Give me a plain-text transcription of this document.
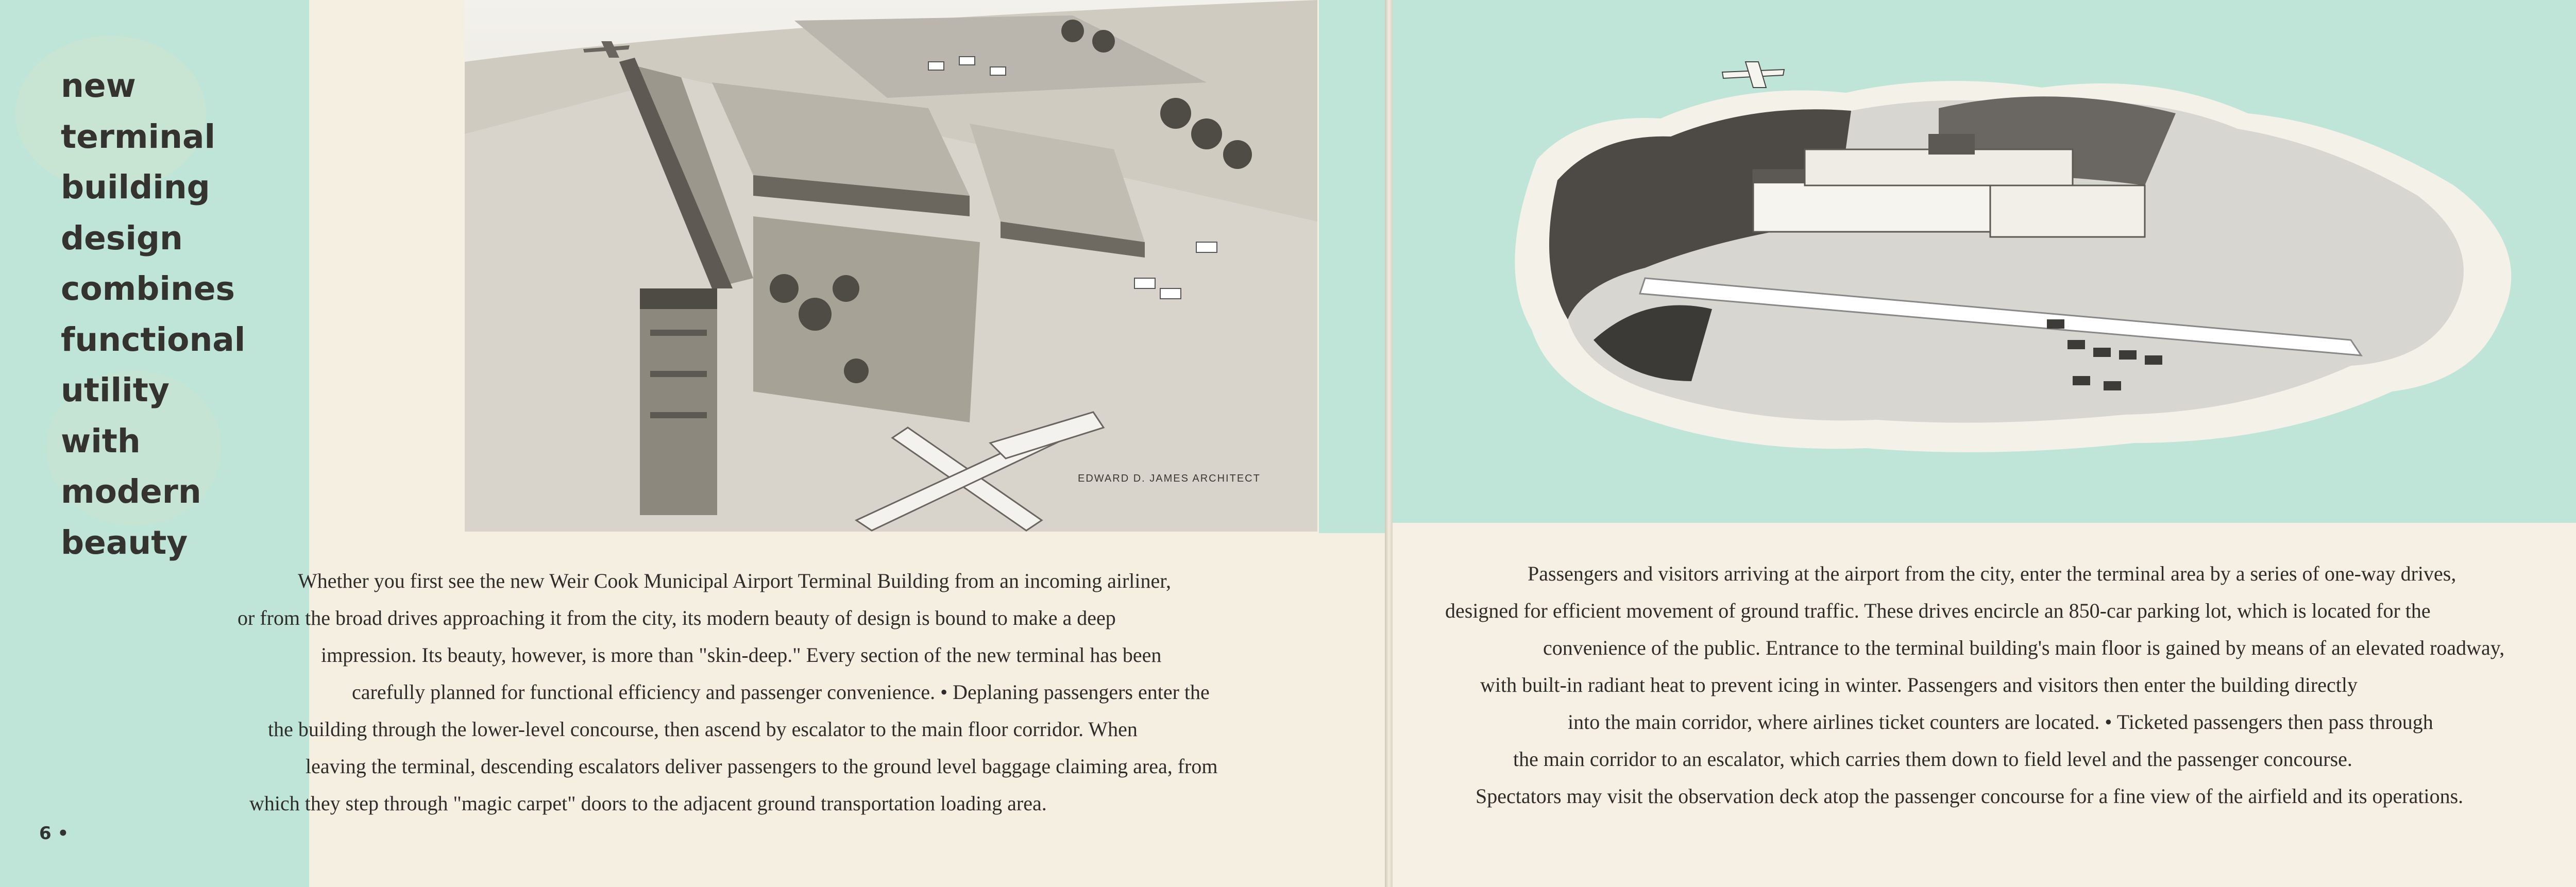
new
terminal
building
design
combines
functional
utility
with
modern
beauty
EDWARD D. JAMES ARCHITECT
Whether you first see the new Weir Cook Municipal Airport Terminal Building from an incoming airliner,
or from the broad drives approaching it from the city, its modern beauty of design is bound to make a deep
impression. Its beauty, however, is more than "skin-deep." Every section of the new terminal has been
carefully planned for functional efficiency and passenger convenience. • Deplaning passengers enter the
the building through the lower-level concourse, then ascend by escalator to the main floor corridor. When
leaving the terminal, descending escalators deliver passengers to the ground level baggage claiming area, from
which they step through "magic carpet" doors to the adjacent ground transportation loading area.
6 •
Passengers and visitors arriving at the airport from the city, enter the terminal area by a series of one-way drives,
designed for efficient movement of ground traffic. These drives encircle an 850-car parking lot, which is located for the
convenience of the public. Entrance to the terminal building's main floor is gained by means of an elevated roadway,
with built-in radiant heat to prevent icing in winter. Passengers and visitors then enter the building directly
into the main corridor, where airlines ticket counters are located. • Ticketed passengers then pass through
the main corridor to an escalator, which carries them down to field level and the passenger concourse.
Spectators may visit the observation deck atop the passenger concourse for a fine view of the airfield and its operations.
